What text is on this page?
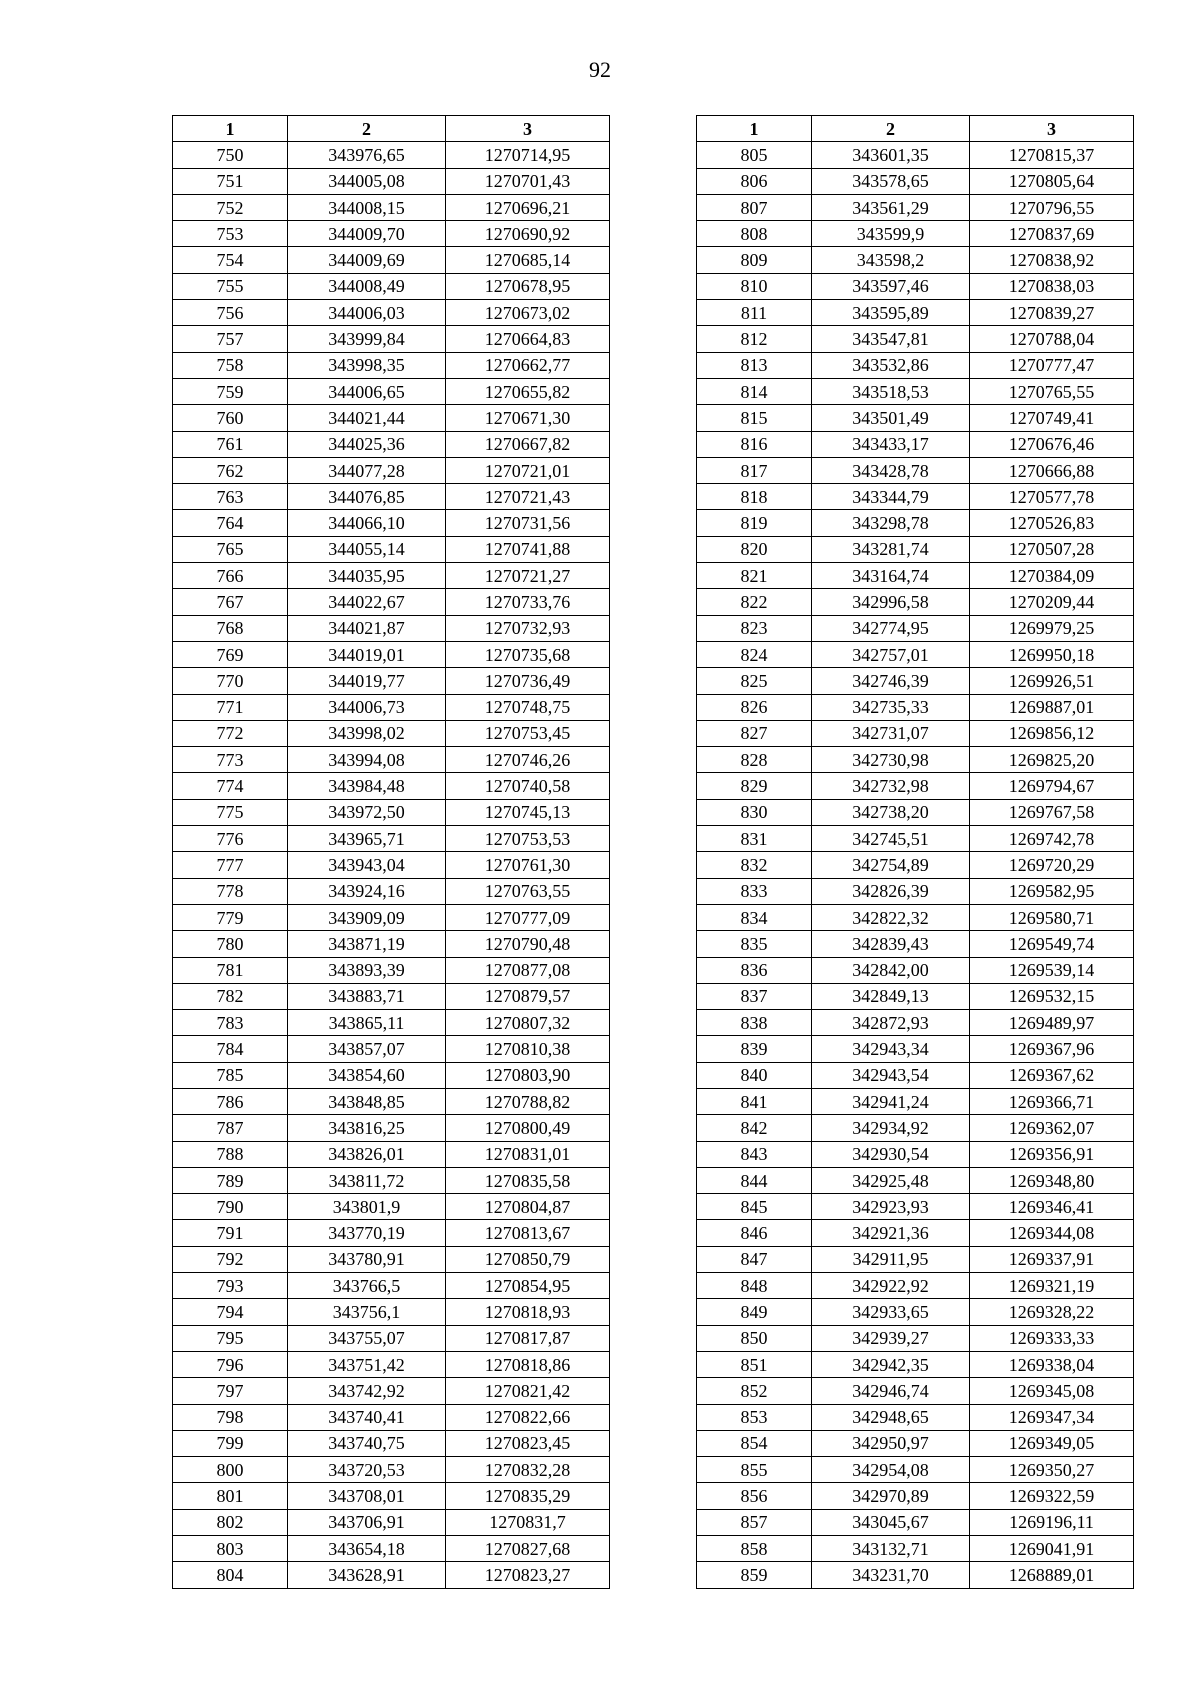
92
1	2	3
750	343976,65	1270714,95
751	344005,08	1270701,43
752	344008,15	1270696,21
753	344009,70	1270690,92
754	344009,69	1270685,14
755	344008,49	1270678,95
756	344006,03	1270673,02
757	343999,84	1270664,83
758	343998,35	1270662,77
759	344006,65	1270655,82
760	344021,44	1270671,30
761	344025,36	1270667,82
762	344077,28	1270721,01
763	344076,85	1270721,43
764	344066,10	1270731,56
765	344055,14	1270741,88
766	344035,95	1270721,27
767	344022,67	1270733,76
768	344021,87	1270732,93
769	344019,01	1270735,68
770	344019,77	1270736,49
771	344006,73	1270748,75
772	343998,02	1270753,45
773	343994,08	1270746,26
774	343984,48	1270740,58
775	343972,50	1270745,13
776	343965,71	1270753,53
777	343943,04	1270761,30
778	343924,16	1270763,55
779	343909,09	1270777,09
780	343871,19	1270790,48
781	343893,39	1270877,08
782	343883,71	1270879,57
783	343865,11	1270807,32
784	343857,07	1270810,38
785	343854,60	1270803,90
786	343848,85	1270788,82
787	343816,25	1270800,49
788	343826,01	1270831,01
789	343811,72	1270835,58
790	343801,9	1270804,87
791	343770,19	1270813,67
792	343780,91	1270850,79
793	343766,5	1270854,95
794	343756,1	1270818,93
795	343755,07	1270817,87
796	343751,42	1270818,86
797	343742,92	1270821,42
798	343740,41	1270822,66
799	343740,75	1270823,45
800	343720,53	1270832,28
801	343708,01	1270835,29
802	343706,91	1270831,7
803	343654,18	1270827,68
804	343628,91	1270823,27
1	2	3
805	343601,35	1270815,37
806	343578,65	1270805,64
807	343561,29	1270796,55
808	343599,9	1270837,69
809	343598,2	1270838,92
810	343597,46	1270838,03
811	343595,89	1270839,27
812	343547,81	1270788,04
813	343532,86	1270777,47
814	343518,53	1270765,55
815	343501,49	1270749,41
816	343433,17	1270676,46
817	343428,78	1270666,88
818	343344,79	1270577,78
819	343298,78	1270526,83
820	343281,74	1270507,28
821	343164,74	1270384,09
822	342996,58	1270209,44
823	342774,95	1269979,25
824	342757,01	1269950,18
825	342746,39	1269926,51
826	342735,33	1269887,01
827	342731,07	1269856,12
828	342730,98	1269825,20
829	342732,98	1269794,67
830	342738,20	1269767,58
831	342745,51	1269742,78
832	342754,89	1269720,29
833	342826,39	1269582,95
834	342822,32	1269580,71
835	342839,43	1269549,74
836	342842,00	1269539,14
837	342849,13	1269532,15
838	342872,93	1269489,97
839	342943,34	1269367,96
840	342943,54	1269367,62
841	342941,24	1269366,71
842	342934,92	1269362,07
843	342930,54	1269356,91
844	342925,48	1269348,80
845	342923,93	1269346,41
846	342921,36	1269344,08
847	342911,95	1269337,91
848	342922,92	1269321,19
849	342933,65	1269328,22
850	342939,27	1269333,33
851	342942,35	1269338,04
852	342946,74	1269345,08
853	342948,65	1269347,34
854	342950,97	1269349,05
855	342954,08	1269350,27
856	342970,89	1269322,59
857	343045,67	1269196,11
858	343132,71	1269041,91
859	343231,70	1268889,01
